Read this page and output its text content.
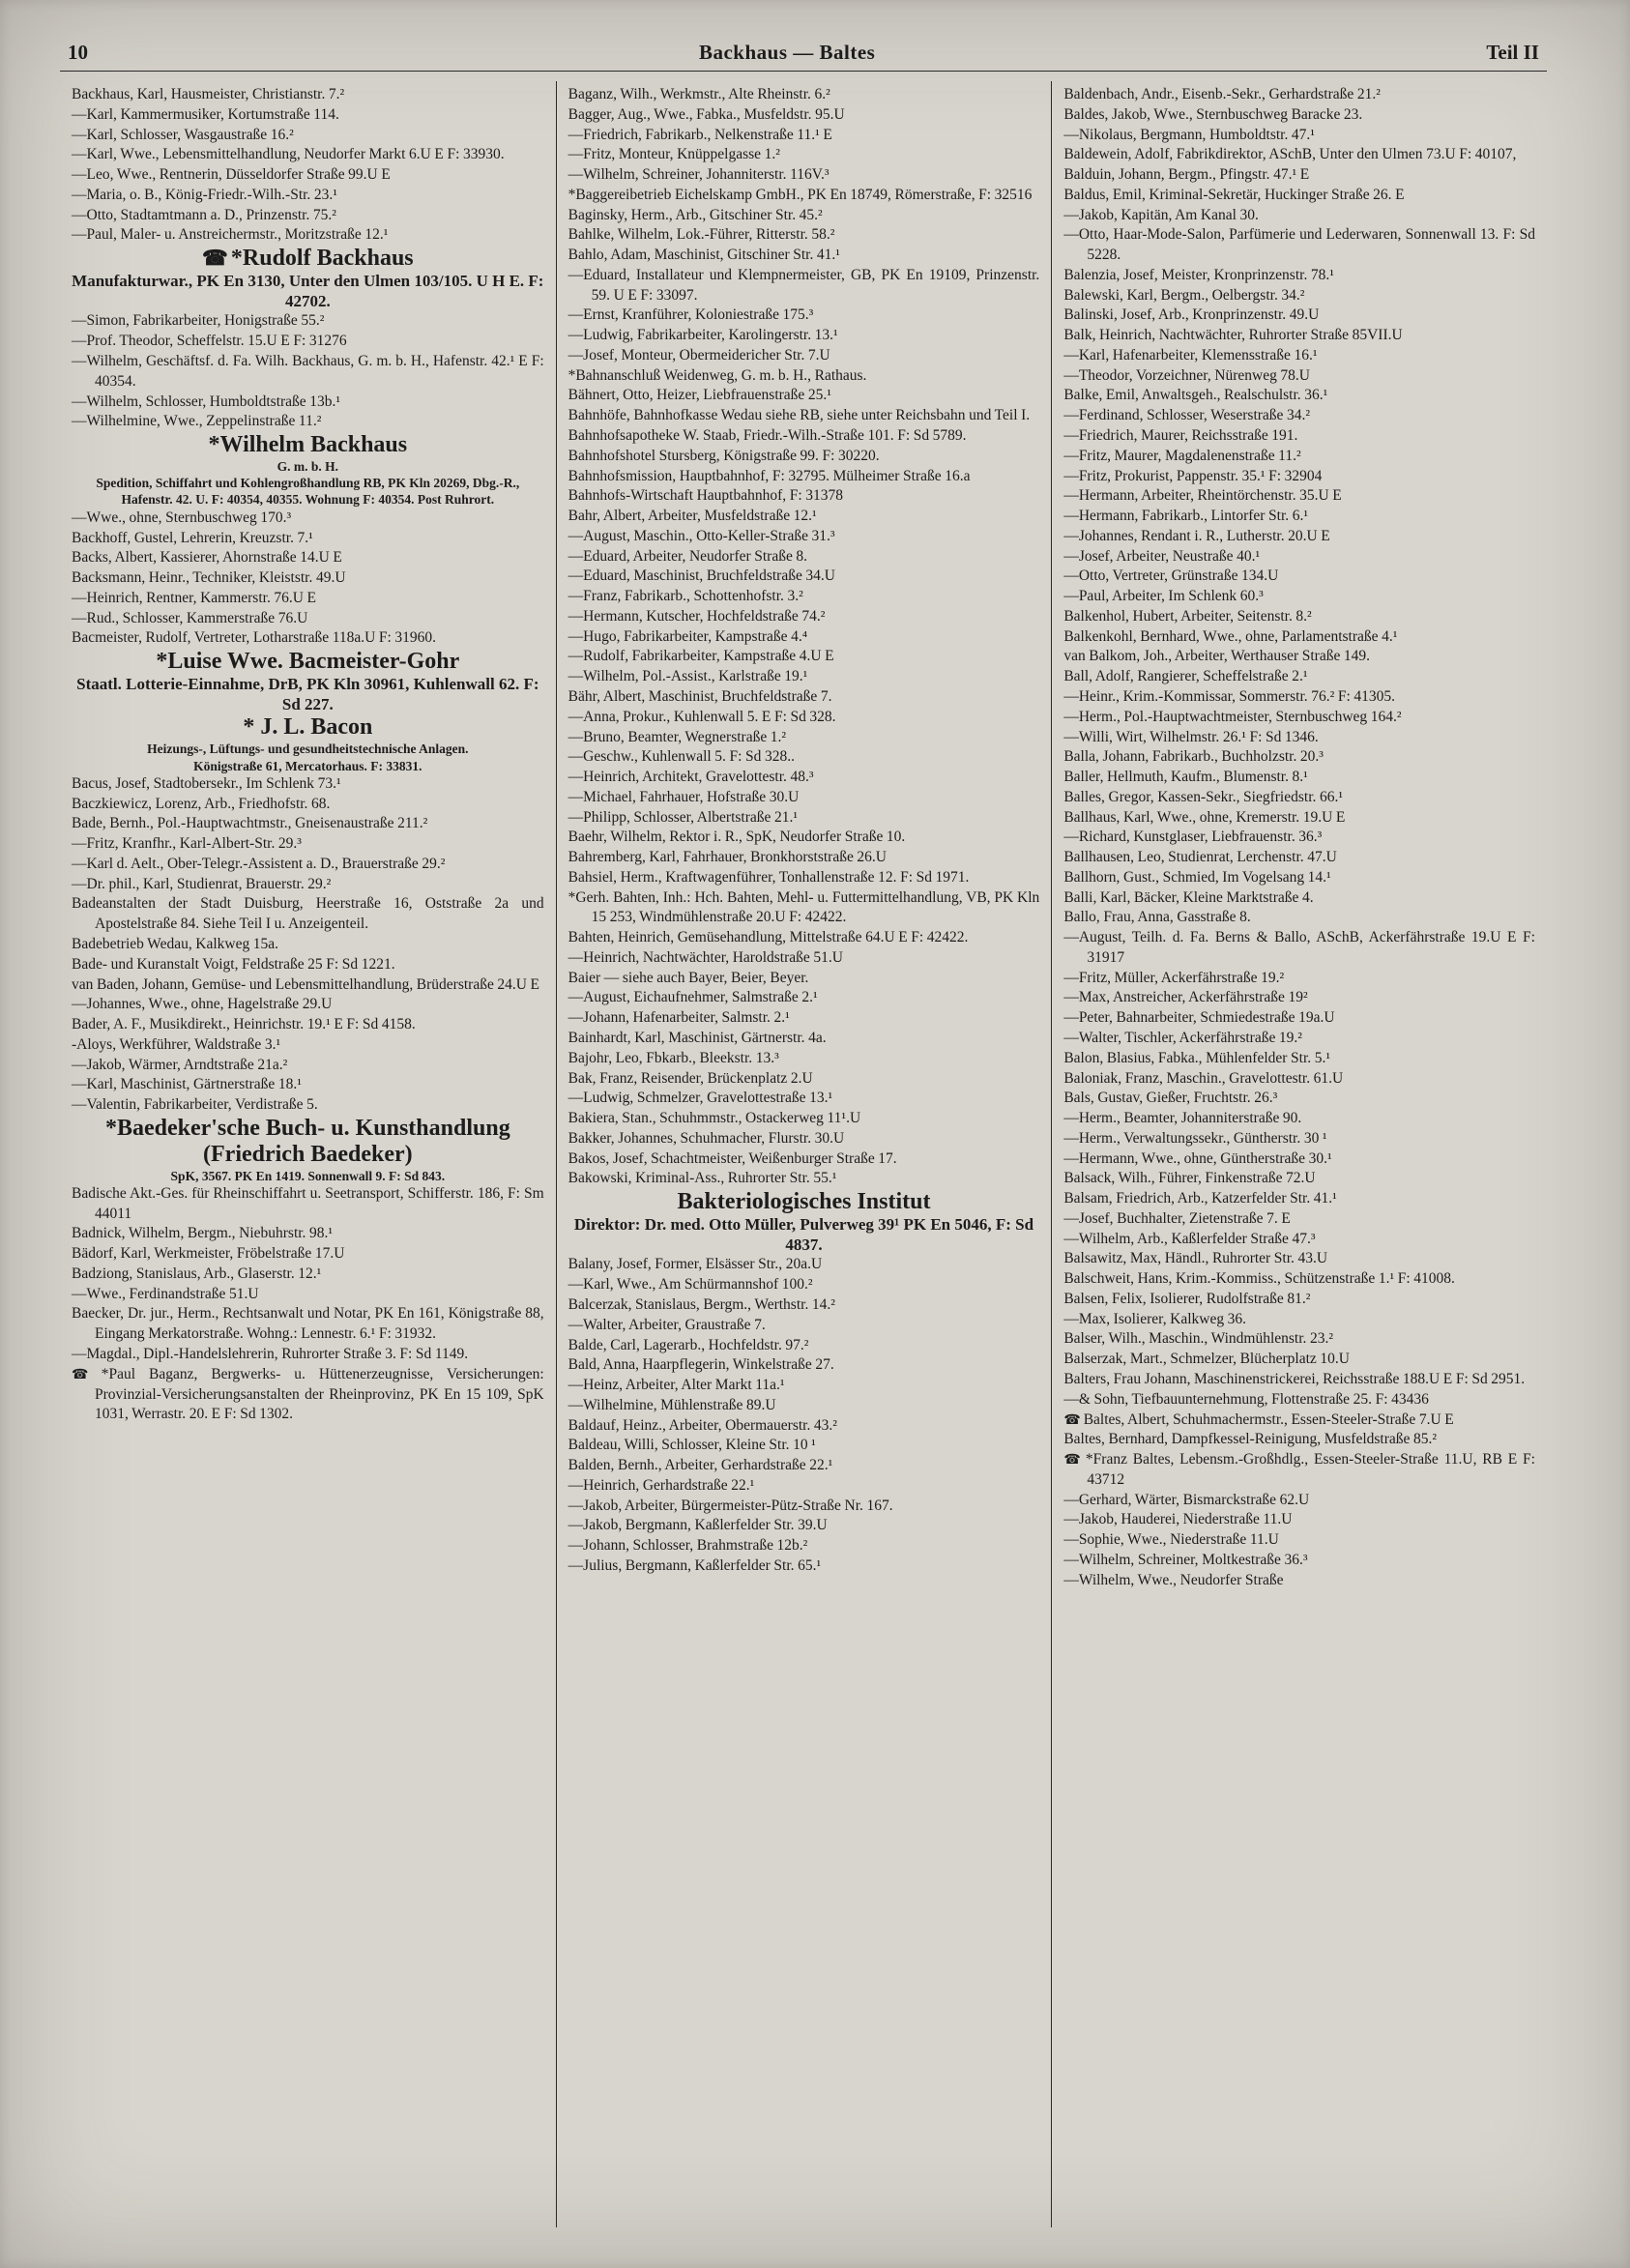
10	Backhaus — Baltes	Teil II

Backhaus, Karl, Hausmeister, Christianstr. 7.²

—Karl, Kammermusiker, Kortumstraße 114.

—Karl, Schlosser, Wasgaustraße 16.²

—Karl, Wwe., Lebensmittelhandlung, Neudorfer Markt 6.U E F: 33930.

—Leo, Wwe., Rentnerin, Düsseldorfer Straße 99.U E

—Maria, o. B., König-Friedr.-Wilh.-Str. 23.¹

—Otto, Stadtamtmann a. D., Prinzenstr. 75.²

—Paul, Maler- u. Anstreichermstr., Moritzstraße 12.¹

☎ *Rudolf Backhaus

Manufakturwar., PK En 3130, Unter den Ulmen 103/105. U H E. F: 42702.

—Simon, Fabrikarbeiter, Honigstraße 55.²

—Prof. Theodor, Scheffelstr. 15.U E F: 31276

—Wilhelm, Geschäftsf. d. Fa. Wilh. Backhaus, G. m. b. H., Hafenstr. 42.¹ E F: 40354.

—Wilhelm, Schlosser, Humboldtstraße 13b.¹

—Wilhelmine, Wwe., Zeppelinstraße 11.²

*Wilhelm Backhaus

G. m. b. H.

Spedition, Schiffahrt und Kohlengroßhandlung RB, PK Kln 20269, Dbg.-R., Hafenstr. 42. U. F: 40354, 40355. Wohnung F: 40354. Post Ruhrort.

—Wwe., ohne, Sternbuschweg 170.³

Backhoff, Gustel, Lehrerin, Kreuzstr. 7.¹

Backs, Albert, Kassierer, Ahornstraße 14.U E

Backsmann, Heinr., Techniker, Kleiststr. 49.U

—Heinrich, Rentner, Kammerstr. 76.U E

—Rud., Schlosser, Kammerstraße 76.U

Bacmeister, Rudolf, Vertreter, Lotharstraße 118a.U F: 31960.

*Luise Wwe. Bacmeister-Gohr

Staatl. Lotterie-Einnahme, DrB, PK Kln 30961, Kuhlenwall 62. F: Sd 227.

* J. L. Bacon

Heizungs-, Lüftungs- und gesundheitstechnische Anlagen.

Königstraße 61, Mercatorhaus. F: 33831.

Bacus, Josef, Stadtobersekr., Im Schlenk 73.¹

Baczkiewicz, Lorenz, Arb., Friedhofstr. 68.

Bade, Bernh., Pol.-Hauptwachtmstr., Gneisenaustraße 211.²

—Fritz, Kranfhr., Karl-Albert-Str. 29.³

—Karl d. Aelt., Ober-Telegr.-Assistent a. D., Brauerstraße 29.²

—Dr. phil., Karl, Studienrat, Brauerstr. 29.²

Badeanstalten der Stadt Duisburg, Heerstraße 16, Oststraße 2a und Apostelstraße 84. Siehe Teil I u. Anzeigenteil.

Badebetrieb Wedau, Kalkweg 15a.

Bade- und Kuranstalt Voigt, Feldstraße 25 F: Sd 1221.

van Baden, Johann, Gemüse- und Lebensmittelhandlung, Brüderstraße 24.U E

—Johannes, Wwe., ohne, Hagelstraße 29.U

Bader, A. F., Musikdirekt., Heinrichstr. 19.¹ E F: Sd 4158.

-Aloys, Werkführer, Waldstraße 3.¹

—Jakob, Wärmer, Arndtstraße 21a.²

—Karl, Maschinist, Gärtnerstraße 18.¹

—Valentin, Fabrikarbeiter, Verdistraße 5.

*Baedeker'sche Buch- u. Kunsthandlung (Friedrich Baedeker)

SpK, 3567. PK En 1419. Sonnenwall 9. F: Sd 843.

Badische Akt.-Ges. für Rheinschiffahrt u. Seetransport, Schifferstr. 186, F: Sm 44011

Badnick, Wilhelm, Bergm., Niebuhrstr. 98.¹

Bädorf, Karl, Werkmeister, Fröbelstraße 17.U

Badziong, Stanislaus, Arb., Glaserstr. 12.¹

—Wwe., Ferdinandstraße 51.U

Baecker, Dr. jur., Herm., Rechtsanwalt und Notar, PK En 161, Königstraße 88, Eingang Merkatorstraße. Wohng.: Lennestr. 6.¹ F: 31932.

—Magdal., Dipl.-Handelslehrerin, Ruhrorter Straße 3. F: Sd 1149.

☎ *Paul Baganz, Bergwerks- u. Hüttenerzeugnisse, Versicherungen: Provinzial-Versicherungsanstalten der Rheinprovinz, PK En 15 109, SpK 1031, Werrastr. 20. E F: Sd 1302.

Baganz, Wilh., Werkmstr., Alte Rheinstr. 6.²

Bagger, Aug., Wwe., Fabka., Musfeldstr. 95.U

—Friedrich, Fabrikarb., Nelkenstraße 11.¹ E

—Fritz, Monteur, Knüppelgasse 1.²

—Wilhelm, Schreiner, Johanniterstr. 116V.³

*Baggereibetrieb Eichelskamp GmbH., PK En 18749, Römerstraße, F: 32516

Baginsky, Herm., Arb., Gitschiner Str. 45.²

Bahlke, Wilhelm, Lok.-Führer, Ritterstr. 58.²

Bahlo, Adam, Maschinist, Gitschiner Str. 41.¹

—Eduard, Installateur und Klempnermeister, GB, PK En 19109, Prinzenstr. 59. U E F: 33097.

—Ernst, Kranführer, Koloniestraße 175.³

—Ludwig, Fabrikarbeiter, Karolingerstr. 13.¹

—Josef, Monteur, Obermeidericher Str. 7.U

*Bahnanschluß Weidenweg, G. m. b. H., Rathaus.

Bähnert, Otto, Heizer, Liebfrauenstraße 25.¹

Bahnhöfe, Bahnhofkasse Wedau siehe RB, siehe unter Reichsbahn und Teil I.

Bahnhofsapotheke W. Staab, Friedr.-Wilh.-Straße 101. F: Sd 5789.

Bahnhofshotel Stursberg, Königstraße 99. F: 30220.

Bahnhofsmission, Hauptbahnhof, F: 32795. Mülheimer Straße 16.a

Bahnhofs-Wirtschaft Hauptbahnhof, F: 31378

Bahr, Albert, Arbeiter, Musfeldstraße 12.¹

—August, Maschin., Otto-Keller-Straße 31.³

—Eduard, Arbeiter, Neudorfer Straße 8.

—Eduard, Maschinist, Bruchfeldstraße 34.U

—Franz, Fabrikarb., Schottenhofstr. 3.²

—Hermann, Kutscher, Hochfeldstraße 74.²

—Hugo, Fabrikarbeiter, Kampstraße 4.⁴

—Rudolf, Fabrikarbeiter, Kampstraße 4.U E

—Wilhelm, Pol.-Assist., Karlstraße 19.¹

Bähr, Albert, Maschinist, Bruchfeldstraße 7.

—Anna, Prokur., Kuhlenwall 5. E F: Sd 328.

—Bruno, Beamter, Wegnerstraße 1.²

—Geschw., Kuhlenwall 5. F: Sd 328..

—Heinrich, Architekt, Gravelottestr. 48.³

—Michael, Fahrhauer, Hofstraße 30.U

—Philipp, Schlosser, Albertstraße 21.¹

Baehr, Wilhelm, Rektor i. R., SpK, Neudorfer Straße 10.

Bahremberg, Karl, Fahrhauer, Bronkhorststraße 26.U

Bahsiel, Herm., Kraftwagenführer, Tonhallenstraße 12. F: Sd 1971.

*Gerh. Bahten, Inh.: Hch. Bahten, Mehl- u. Futtermittelhandlung, VB, PK Kln 15 253, Windmühlenstraße 20.U F: 42422.

Bahten, Heinrich, Gemüsehandlung, Mittelstraße 64.U E F: 42422.

—Heinrich, Nachtwächter, Haroldstraße 51.U

Baier — siehe auch Bayer, Beier, Beyer.

—August, Eichaufnehmer, Salmstraße 2.¹

—Johann, Hafenarbeiter, Salmstr. 2.¹

Bainhardt, Karl, Maschinist, Gärtnerstr. 4a.

Bajohr, Leo, Fbkarb., Bleekstr. 13.³

Bak, Franz, Reisender, Brückenplatz 2.U

—Ludwig, Schmelzer, Gravelottestraße 13.¹

Bakiera, Stan., Schuhmmstr., Ostackerweg 11¹.U

Bakker, Johannes, Schuhmacher, Flurstr. 30.U

Bakos, Josef, Schachtmeister, Weißenburger Straße 17.

Bakowski, Kriminal-Ass., Ruhrorter Str. 55.¹

Bakteriologisches Institut

Direktor: Dr. med. Otto Müller, Pulverweg 39¹ PK En 5046, F: Sd 4837.

Balany, Josef, Former, Elsässer Str., 20a.U

—Karl, Wwe., Am Schürmannshof 100.²

Balcerzak, Stanislaus, Bergm., Werthstr. 14.²

—Walter, Arbeiter, Graustraße 7.

Balde, Carl, Lagerarb., Hochfeldstr. 97.²

Bald, Anna, Haarpflegerin, Winkelstraße 27.

—Heinz, Arbeiter, Alter Markt 11a.¹

—Wilhelmine, Mühlenstraße 89.U

Baldauf, Heinz., Arbeiter, Obermauerstr. 43.²

Baldeau, Willi, Schlosser, Kleine Str. 10 ¹

Balden, Bernh., Arbeiter, Gerhardstraße 22.¹

—Heinrich, Gerhardstraße 22.¹

—Jakob, Arbeiter, Bürgermeister-Pütz-Straße Nr. 167.

—Jakob, Bergmann, Kaßlerfelder Str. 39.U

—Johann, Schlosser, Brahmstraße 12b.²

—Julius, Bergmann, Kaßlerfelder Str. 65.¹

Baldenbach, Andr., Eisenb.-Sekr., Gerhardstraße 21.²

Baldes, Jakob, Wwe., Sternbuschweg Baracke 23.

—Nikolaus, Bergmann, Humboldtstr. 47.¹

Baldewein, Adolf, Fabrikdirektor, ASchB, Unter den Ulmen 73.U F: 40107,

Balduin, Johann, Bergm., Pfingstr. 47.¹ E

Baldus, Emil, Kriminal-Sekretär, Huckinger Straße 26. E

—Jakob, Kapitän, Am Kanal 30.

—Otto, Haar-Mode-Salon, Parfümerie und Lederwaren, Sonnenwall 13. F: Sd 5228.

Balenzia, Josef, Meister, Kronprinzenstr. 78.¹

Balewski, Karl, Bergm., Oelbergstr. 34.²

Balinski, Josef, Arb., Kronprinzenstr. 49.U

Balk, Heinrich, Nachtwächter, Ruhrorter Straße 85VII.U

—Karl, Hafenarbeiter, Klemensstraße 16.¹

—Theodor, Vorzeichner, Nürenweg 78.U

Balke, Emil, Anwaltsgeh., Realschulstr. 36.¹

—Ferdinand, Schlosser, Weserstraße 34.²

—Friedrich, Maurer, Reichsstraße 191.

—Fritz, Maurer, Magdalenenstraße 11.²

—Fritz, Prokurist, Pappenstr. 35.¹ F: 32904

—Hermann, Arbeiter, Rheintörchenstr. 35.U E

—Hermann, Fabrikarb., Lintorfer Str. 6.¹

—Johannes, Rendant i. R., Lutherstr. 20.U E

—Josef, Arbeiter, Neustraße 40.¹

—Otto, Vertreter, Grünstraße 134.U

—Paul, Arbeiter, Im Schlenk 60.³

Balkenhol, Hubert, Arbeiter, Seitenstr. 8.²

Balkenkohl, Bernhard, Wwe., ohne, Parlamentstraße 4.¹

van Balkom, Joh., Arbeiter, Werthauser Straße 149.

Ball, Adolf, Rangierer, Scheffelstraße 2.¹

—Heinr., Krim.-Kommissar, Sommerstr. 76.² F: 41305.

—Herm., Pol.-Hauptwachtmeister, Sternbuschweg 164.²

—Willi, Wirt, Wilhelmstr. 26.¹ F: Sd 1346.

Balla, Johann, Fabrikarb., Buchholzstr. 20.³

Baller, Hellmuth, Kaufm., Blumenstr. 8.¹

Balles, Gregor, Kassen-Sekr., Siegfriedstr. 66.¹

Ballhaus, Karl, Wwe., ohne, Kremerstr. 19.U E

—Richard, Kunstglaser, Liebfrauenstr. 36.³

Ballhausen, Leo, Studienrat, Lerchenstr. 47.U

Ballhorn, Gust., Schmied, Im Vogelsang 14.¹

Balli, Karl, Bäcker, Kleine Marktstraße 4.

Ballo, Frau, Anna, Gasstraße 8.

—August, Teilh. d. Fa. Berns & Ballo, ASchB, Ackerfährstraße 19.U E F: 31917

—Fritz, Müller, Ackerfährstraße 19.²

—Max, Anstreicher, Ackerfährstraße 19²

—Peter, Bahnarbeiter, Schmiedestraße 19a.U

—Walter, Tischler, Ackerfährstraße 19.²

Balon, Blasius, Fabka., Mühlenfelder Str. 5.¹

Baloniak, Franz, Maschin., Gravelottestr. 61.U

Bals, Gustav, Gießer, Fruchtstr. 26.³

—Herm., Beamter, Johanniterstraße 90.

—Herm., Verwaltungssekr., Güntherstr. 30 ¹

—Hermann, Wwe., ohne, Güntherstraße 30.¹

Balsack, Wilh., Führer, Finkenstraße 72.U

Balsam, Friedrich, Arb., Katzerfelder Str. 41.¹

—Josef, Buchhalter, Zietenstraße 7. E

—Wilhelm, Arb., Kaßlerfelder Straße 47.³

Balsawitz, Max, Händl., Ruhrorter Str. 43.U

Balschweit, Hans, Krim.-Kommiss., Schützenstraße 1.¹ F: 41008.

Balsen, Felix, Isolierer, Rudolfstraße 81.²

—Max, Isolierer, Kalkweg 36.

Balser, Wilh., Maschin., Windmühlenstr. 23.²

Balserzak, Mart., Schmelzer, Blücherplatz 10.U

Balters, Frau Johann, Maschinenstrickerei, Reichsstraße 188.U E F: Sd 2951.

—& Sohn, Tiefbauunternehmung, Flottenstraße 25. F: 43436

☎ Baltes, Albert, Schuhmachermstr., Essen-Steeler-Straße 7.U E

Baltes, Bernhard, Dampfkessel-Reinigung, Musfeldstraße 85.²

☎ *Franz Baltes, Lebensm.-Großhdlg., Essen-Steeler-Straße 11.U, RB E F: 43712

—Gerhard, Wärter, Bismarckstraße 62.U

—Jakob, Hauderei, Niederstraße 11.U

—Sophie, Wwe., Niederstraße 11.U

—Wilhelm, Schreiner, Moltkestraße 36.³

—Wilhelm, Wwe., Neudorfer Straße
